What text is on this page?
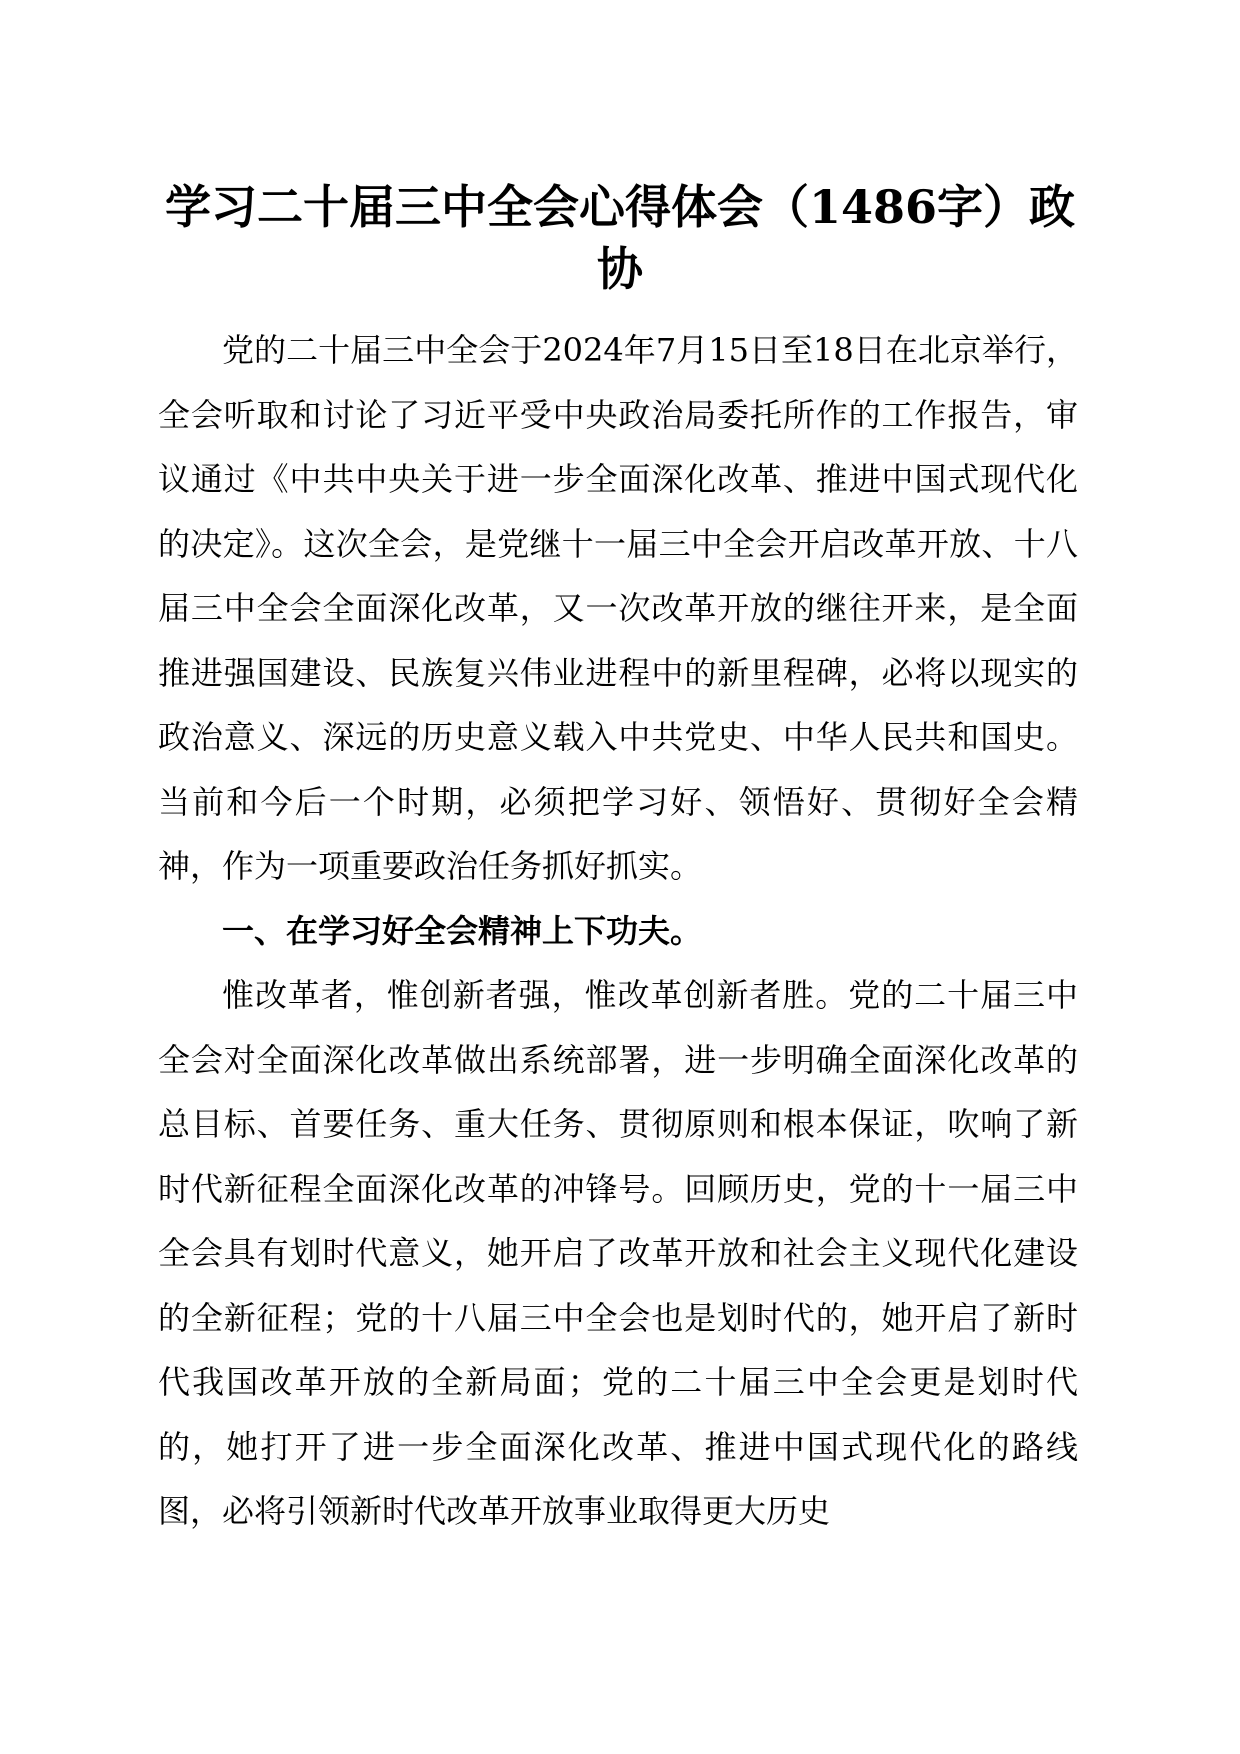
学习二十届三中全会心得体会（1486字）政
协

党的二十届三中全会于2024年7月15日至18日在北京举行，全会听取和讨论了习近平受中央政治局委托所作的工作报告，审议通过《中共中央关于进一步全面深化改革、推进中国式现代化的决定》。这次全会，是党继十一届三中全会开启改革开放、十八届三中全会全面深化改革，又一次改革开放的继往开来，是全面推进强国建设、民族复兴伟业进程中的新里程碑，必将以现实的政治意义、深远的历史意义载入中共党史、中华人民共和国史。当前和今后一个时期，必须把学习好、领悟好、贯彻好全会精神，作为一项重要政治任务抓好抓实。

一、在学习好全会精神上下功夫。

惟改革者，惟创新者强，惟改革创新者胜。党的二十届三中全会对全面深化改革做出系统部署，进一步明确全面深化改革的总目标、首要任务、重大任务、贯彻原则和根本保证，吹响了新时代新征程全面深化改革的冲锋号。回顾历史，党的十一届三中全会具有划时代意义，她开启了改革开放和社会主义现代化建设的全新征程；党的十八届三中全会也是划时代的，她开启了新时代我国改革开放的全新局面；党的二十届三中全会更是划时代的，她打开了进一步全面深化改革、推进中国式现代化的路线图，必将引领新时代改革开放事业取得更大历史
